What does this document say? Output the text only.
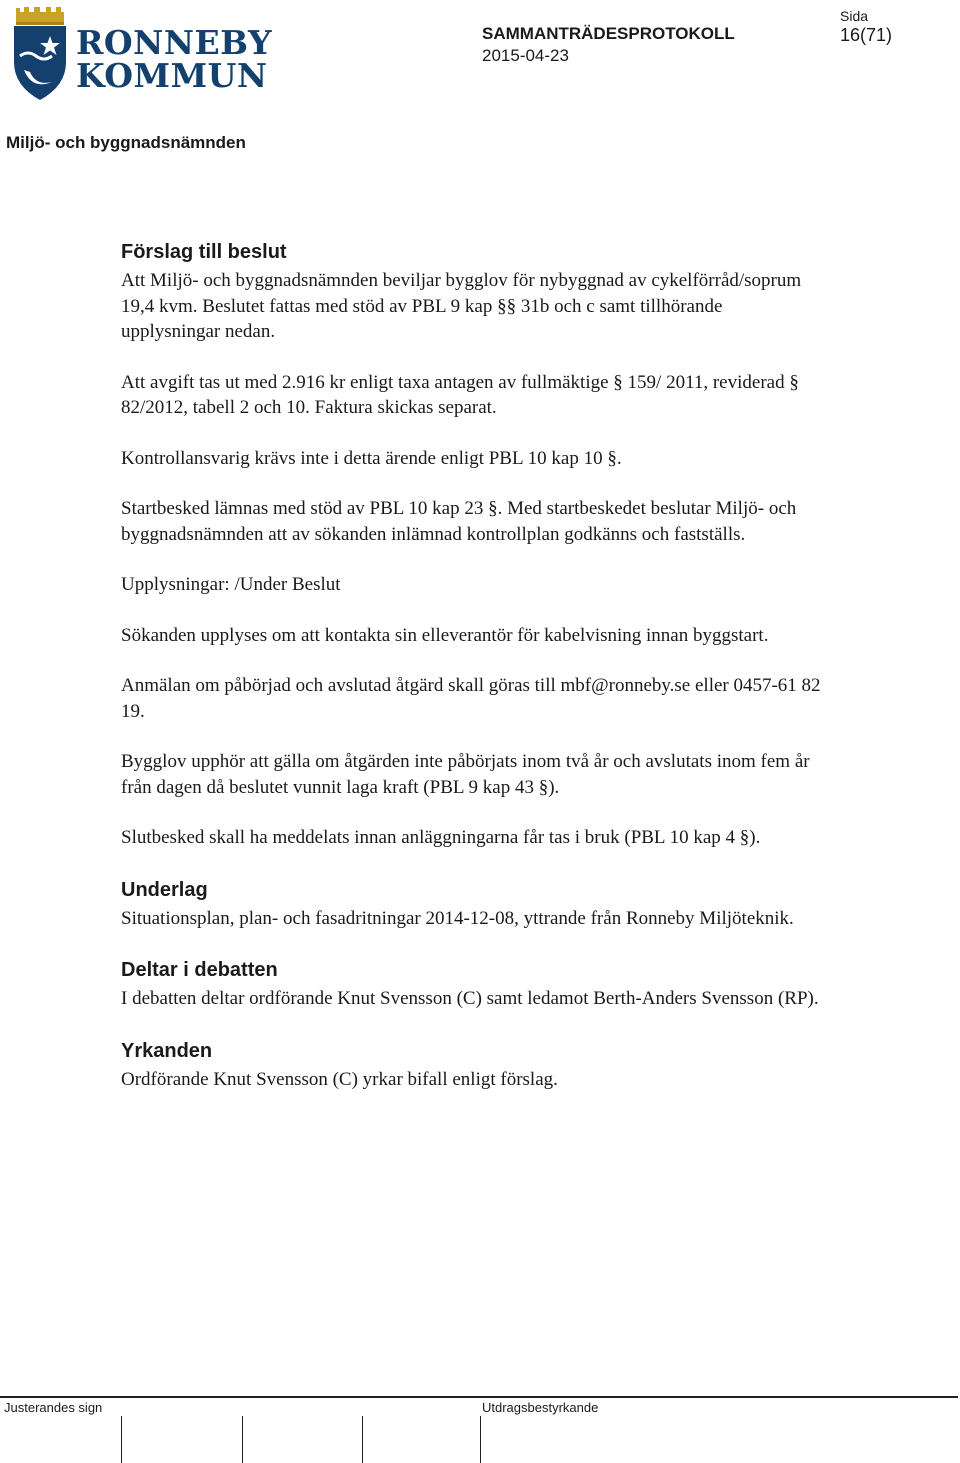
RONNEBY
KOMMUN
SAMMANTRÄDESPROTOKOLL
2015-04-23
Sida
16(71)
Miljö- och byggnadsnämnden
Förslag till beslut

Att Miljö- och byggnadsnämnden beviljar bygglov för nybyggnad av cykelförråd/soprum 19,4 kvm. Beslutet fattas med stöd av PBL 9 kap §§ 31b och c samt tillhörande upplysningar nedan.

Att avgift tas ut med 2.916 kr enligt taxa antagen av fullmäktige § 159/ 2011, reviderad § 82/2012, tabell 2 och 10. Faktura skickas separat.

Kontrollansvarig krävs inte i detta ärende enligt PBL 10 kap 10 §.

Startbesked lämnas med stöd av PBL 10 kap 23 §. Med startbeskedet beslutar Miljö- och byggnadsnämnden att av sökanden inlämnad kontrollplan godkänns och fastställs.

Upplysningar: /Under Beslut

Sökanden upplyses om att kontakta sin elleverantör för kabelvisning innan byggstart.

Anmälan om påbörjad och avslutad åtgärd skall göras till mbf@ronneby.se eller 0457-61 82 19.

Bygglov upphör att gälla om åtgärden inte påbörjats inom två år och avslutats inom fem år från dagen då beslutet vunnit laga kraft (PBL 9 kap 43 §).

Slutbesked skall ha meddelats innan anläggningarna får tas i bruk (PBL 10 kap 4 §).

Underlag

Situationsplan, plan- och fasadritningar 2014-12-08, yttrande från Ronneby Miljöteknik.

Deltar i debatten

I debatten deltar ordförande Knut Svensson (C) samt ledamot Berth-Anders Svensson (RP).

Yrkanden

Ordförande Knut Svensson (C) yrkar bifall enligt förslag.

Justerandes sign	Utdragsbestyrkande
